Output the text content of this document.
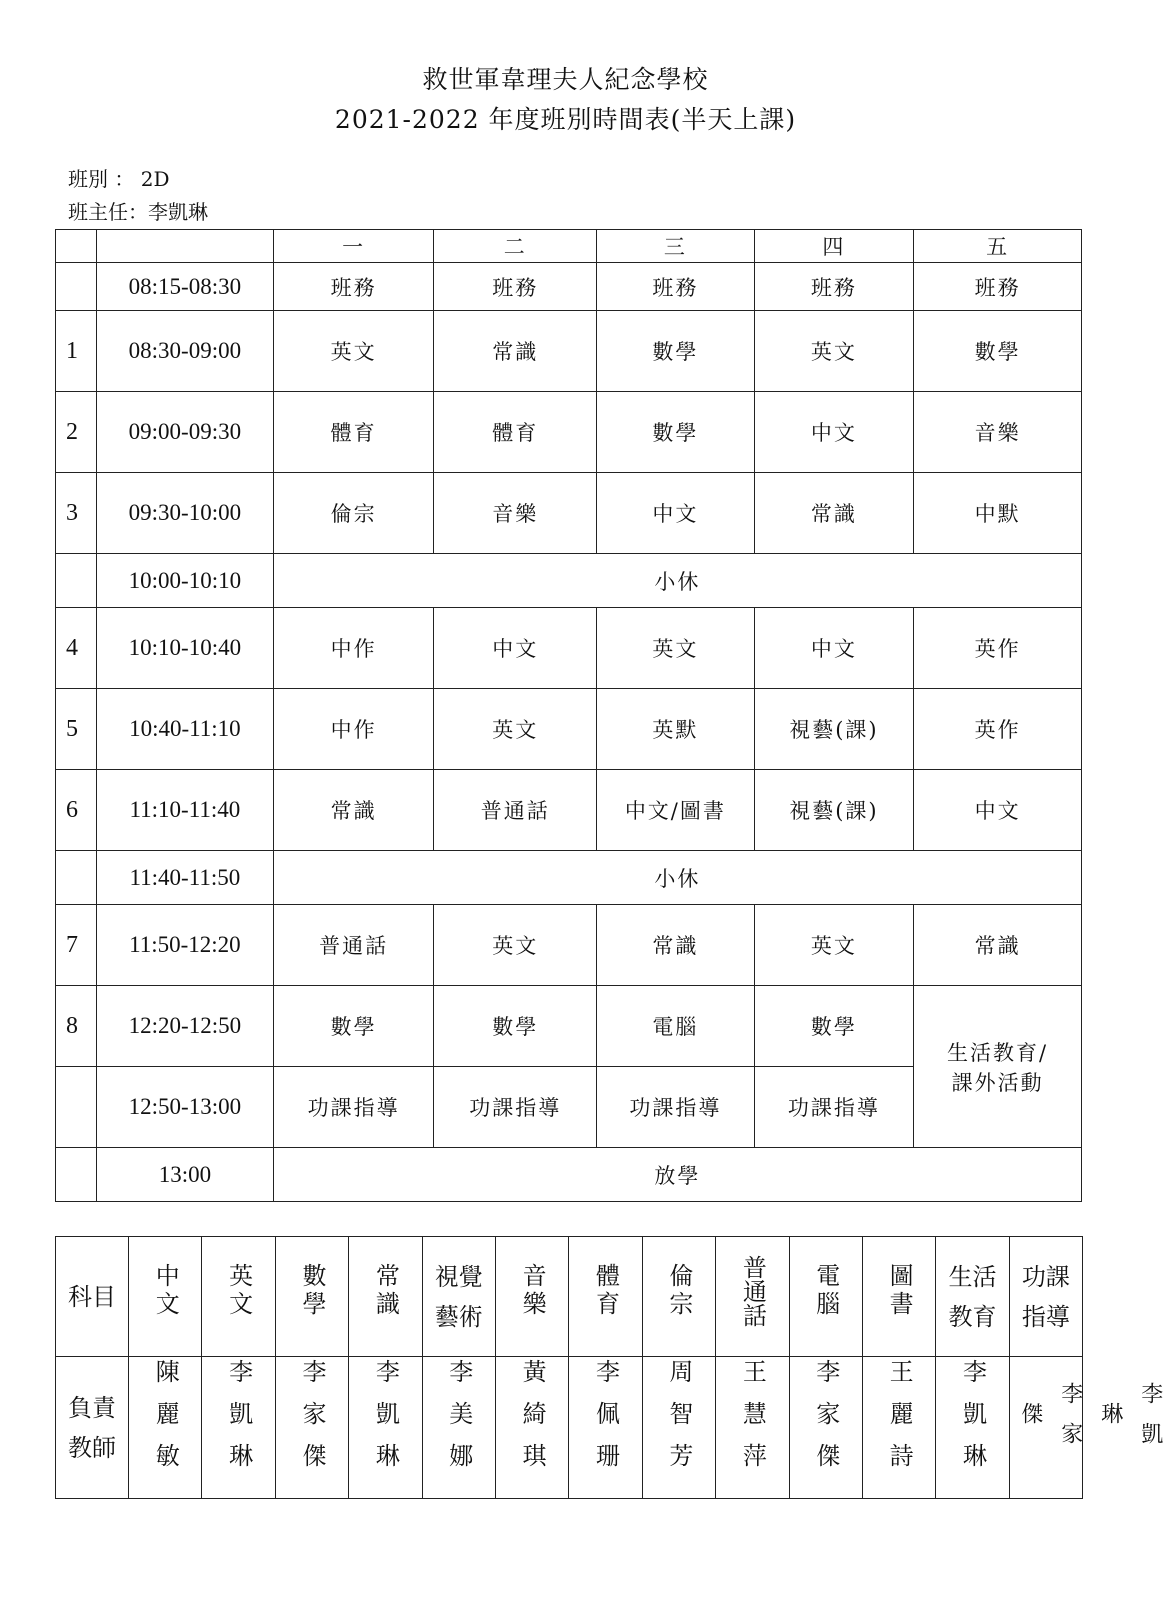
救世軍韋理夫人紀念學校
2021-2022 年度班別時間表(半天上課)
班別 ： 2D
班主任：李凱琳
		一	二	三	四	五
	08:15-08:30	班務	班務	班務	班務	班務
1	08:30-09:00	英文	常識	數學	英文	數學
2	09:00-09:30	體育	體育	數學	中文	音樂
3	09:30-10:00	倫宗	音樂	中文	常識	中默
	10:00-10:10	小休				
4	10:10-10:40	中作	中文	英文	中文	英作
5	10:40-11:10	中作	英文	英默	視藝(課)	英作
6	11:10-11:40	常識	普通話	中文/圖書	視藝(課)	中文
	11:40-11:50	小休				
7	11:50-12:20	普通話	英文	常識	英文	常識
8	12:20-12:50	數學	數學	電腦	數學	生活教育/
課外活動

	12:50-13:00	功課指導	功課指導	功課指導	功課指導	
	13:00	放學				
科目	中文	英文	數學	常識	視覺藝術	音樂	體育	倫宗	普通話	電腦	圖書	生活教育	功課指導
負責教師	陳麗敏	李凱琳	李家傑	李凱琳	李美娜	黃綺琪	李佩珊	周智芳	王慧萍	李家傑	王麗詩	李凱琳	李凱琳 李家傑
